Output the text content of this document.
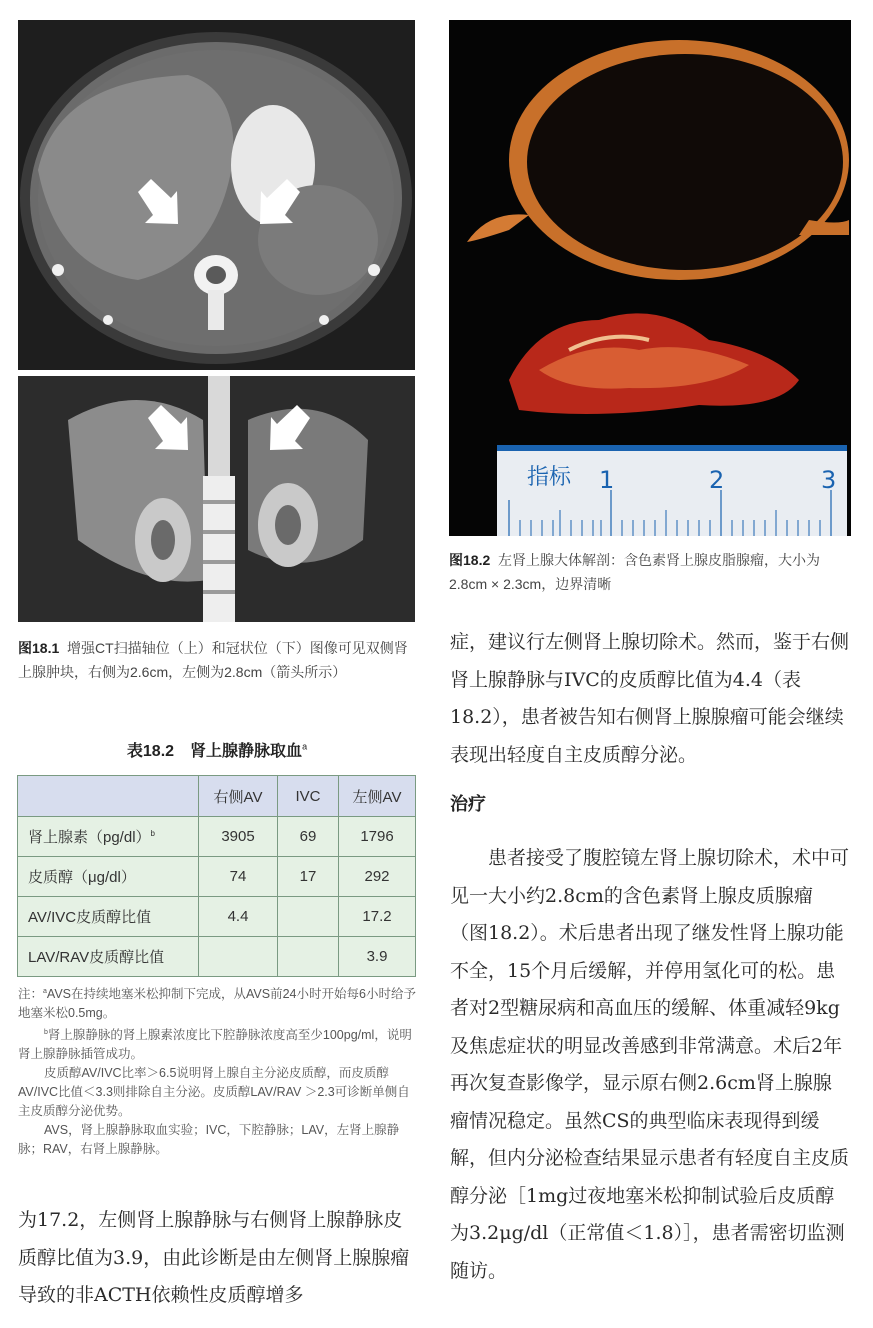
指标 1	2	3
图18.2 左肾上腺大体解剖：含色素肾上腺皮脂腺瘤，大小为2.8cm × 2.3cm，边界清晰
图18.1 增强CT扫描轴位（上）和冠状位（下）图像可见双侧肾上腺肿块，右侧为2.6cm，左侧为2.8cm（箭头所示）
表18.2　肾上腺静脉取血$^a$
	右侧AV	IVC	左侧AV
肾上腺素$(pg/dl)^b$	3905	69	1796
皮质醇（μg/dl）	74	17	292
AV/IVC皮质醇比值	4.4		17.2
LAV/RAV皮质醇比值			3.9

注：$^a$AVS在持续地塞米松抑制下完成，从AVS前24小时开始每6小时给予地塞米松0.5mg。

$^b$肾上腺静脉的肾上腺素浓度比下腔静脉浓度高至少100pg/ml，说明肾上腺静脉插管成功。

皮质醇AV/IVC比率＞6.5说明肾上腺自主分泌皮质醇，而皮质醇AV/IVC比值＜3.3则排除自主分泌。皮质醇LAV/RAV ＞2.3可诊断单侧自主皮质醇分泌优势。

AVS，肾上腺静脉取血实验；IVC，下腔静脉；LAV，左肾上腺静脉；RAV，右肾上腺静脉。

为17.2，左侧肾上腺静脉与右侧肾上腺静脉皮质醇比值为3.9，由此诊断是由左侧肾上腺腺瘤导致的非ACTH依赖性皮质醇增多

症，建议行左侧肾上腺切除术。然而，鉴于右侧肾上腺静脉与IVC的皮质醇比值为4.4（表18.2），患者被告知右侧肾上腺腺瘤可能会继续表现出轻度自主皮质醇分泌。

治疗

患者接受了腹腔镜左肾上腺切除术，术中可见一大小约2.8cm的含色素肾上腺皮质腺瘤（图18.2）。术后患者出现了继发性肾上腺功能不全，15个月后缓解，并停用氢化可的松。患者对2型糖尿病和高血压的缓解、体重减轻9kg及焦虑症状的明显改善感到非常满意。术后2年再次复查影像学，显示原右侧2.6cm肾上腺腺瘤情况稳定。虽然CS的典型临床表现得到缓解，但内分泌检查结果显示患者有轻度自主皮质醇分泌［1mg过夜地塞米松抑制试验后皮质醇为3.2μg/dl（正常值＜1.8）］，患者需密切监测随访。
